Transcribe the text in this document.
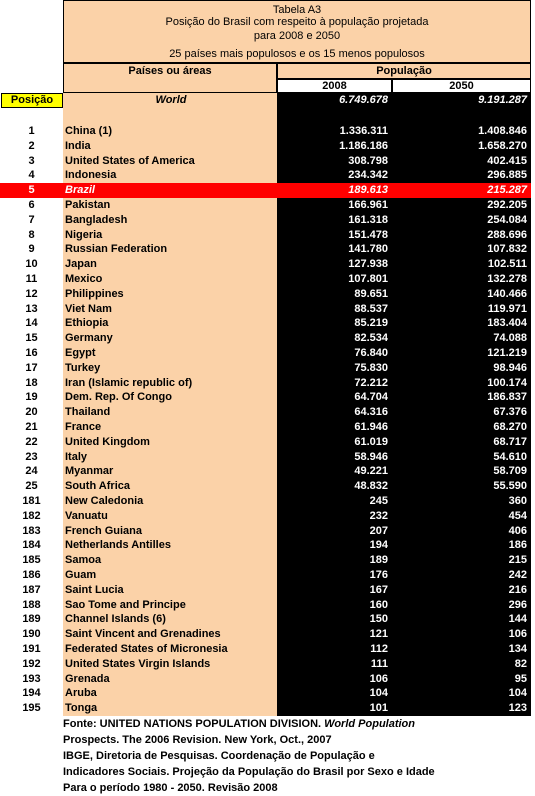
Tabela A3
Posição do Brasil com respeito à população projetada
para 2008 e 2050
25 países mais populosos e os 15 menos populosos
Países ou áreas	População
2008	2050
Posição	World	6.749.678	9.191.287
1	China (1)	1.336.311	1.408.846
2	India	1.186.186	1.658.270
3	United States of America	308.798	402.415
4	Indonesia	234.342	296.885
5	Brazil	189.613	215.287
6	Pakistan	166.961	292.205
7	Bangladesh	161.318	254.084
8	Nigeria	151.478	288.696
9	Russian Federation	141.780	107.832
10	Japan	127.938	102.511
11	Mexico	107.801	132.278
12	Philippines	89.651	140.466
13	Viet Nam	88.537	119.971
14	Ethiopia	85.219	183.404
15	Germany	82.534	74.088
16	Egypt	76.840	121.219
17	Turkey	75.830	98.946
18	Iran (Islamic republic of)	72.212	100.174
19	Dem. Rep. Of Congo	64.704	186.837
20	Thailand	64.316	67.376
21	France	61.946	68.270
22	United Kingdom	61.019	68.717
23	Italy	58.946	54.610
24	Myanmar	49.221	58.709
25	South Africa	48.832	55.590
181	New Caledonia	245	360
182	Vanuatu	232	454
183	French Guiana	207	406
184	Netherlands Antilles	194	186
185	Samoa	189	215
186	Guam	176	242
187	Saint Lucia	167	216
188	Sao Tome and Principe	160	296
189	Channel Islands (6)	150	144
190	Saint Vincent and Grenadines	121	106
191	Federated States of Micronesia	112	134
192	United States Virgin Islands	111	82
193	Grenada	106	95
194	Aruba	104	104
195	Tonga	101	123
Fonte: UNITED NATIONS POPULATION DIVISION. World Population
Prospects. The 2006 Revision. New York, Oct., 2007
IBGE, Diretoria de Pesquisas. Coordenação de População e
Indicadores Sociais. Projeção da População do Brasil por Sexo e Idade
Para o período 1980 - 2050. Revisão 2008
